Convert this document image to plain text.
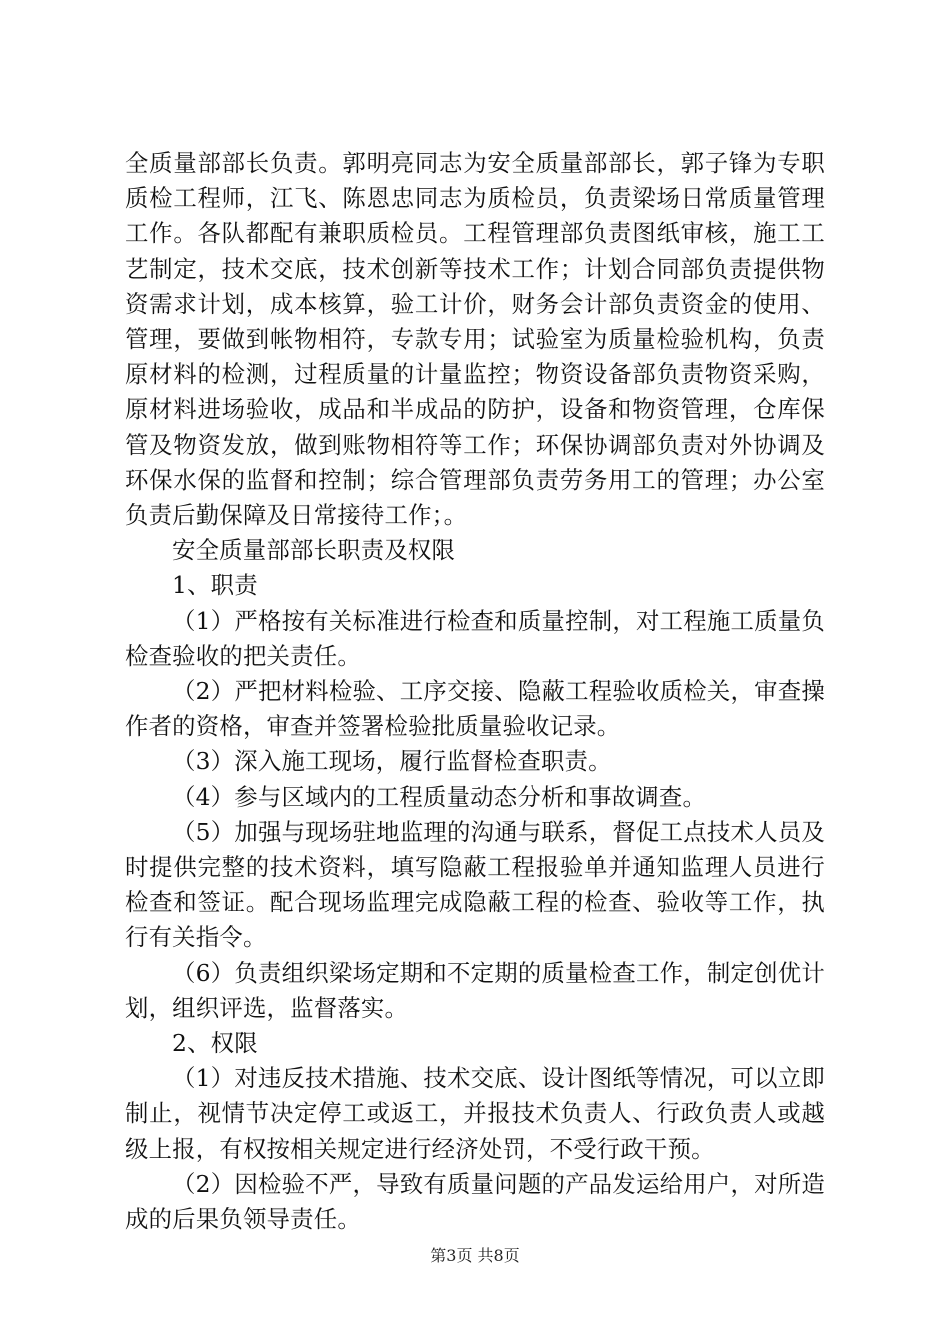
全质量部部长负责。郭明亮同志为安全质量部部长，郭子锋为专职质检工程师，江飞、陈恩忠同志为质检员，负责梁场日常质量管理工作。各队都配有兼职质检员。工程管理部负责图纸审核，施工工艺制定，技术交底，技术创新等技术工作；计划合同部负责提供物资需求计划，成本核算，验工计价，财务会计部负责资金的使用、管理，要做到帐物相符，专款专用；试验室为质量检验机构，负责原材料的检测，过程质量的计量监控；物资设备部负责物资采购，原材料进场验收，成品和半成品的防护，设备和物资管理，仓库保管及物资发放，做到账物相符等工作；环保协调部负责对外协调及环保水保的监督和控制；综合管理部负责劳务用工的管理；办公室负责后勤保障及日常接待工作；。

安全质量部部长职责及权限

1、职责

（1）严格按有关标准进行检查和质量控制，对工程施工质量负检查验收的把关责任。

（2）严把材料检验、工序交接、隐蔽工程验收质检关，审查操作者的资格，审查并签署检验批质量验收记录。

（3）深入施工现场，履行监督检查职责。

（4）参与区域内的工程质量动态分析和事故调查。

（5）加强与现场驻地监理的沟通与联系，督促工点技术人员及时提供完整的技术资料，填写隐蔽工程报验单并通知监理人员进行检查和签证。配合现场监理完成隐蔽工程的检查、验收等工作，执行有关指令。

（6）负责组织梁场定期和不定期的质量检查工作，制定创优计划，组织评选，监督落实。

2、权限

（1）对违反技术措施、技术交底、设计图纸等情况，可以立即制止，视情节决定停工或返工，并报技术负责人、行政负责人或越级上报，有权按相关规定进行经济处罚，不受行政干预。

（2）因检验不严，导致有质量问题的产品发运给用户，对所造成的后果负领导责任。

第3页 共8页
